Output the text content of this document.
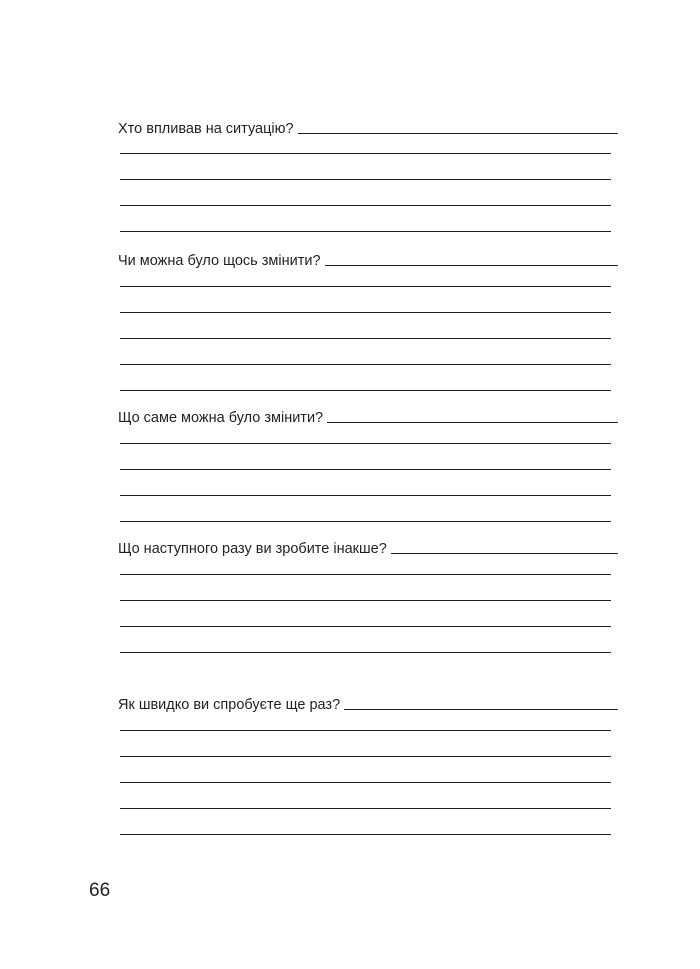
Хто впливав на ситуацію?
Чи можна було щось змінити?
Що саме можна було змінити?
Що наступного разу ви зробите інакше?
Як швидко ви спробуєте ще раз?
66
